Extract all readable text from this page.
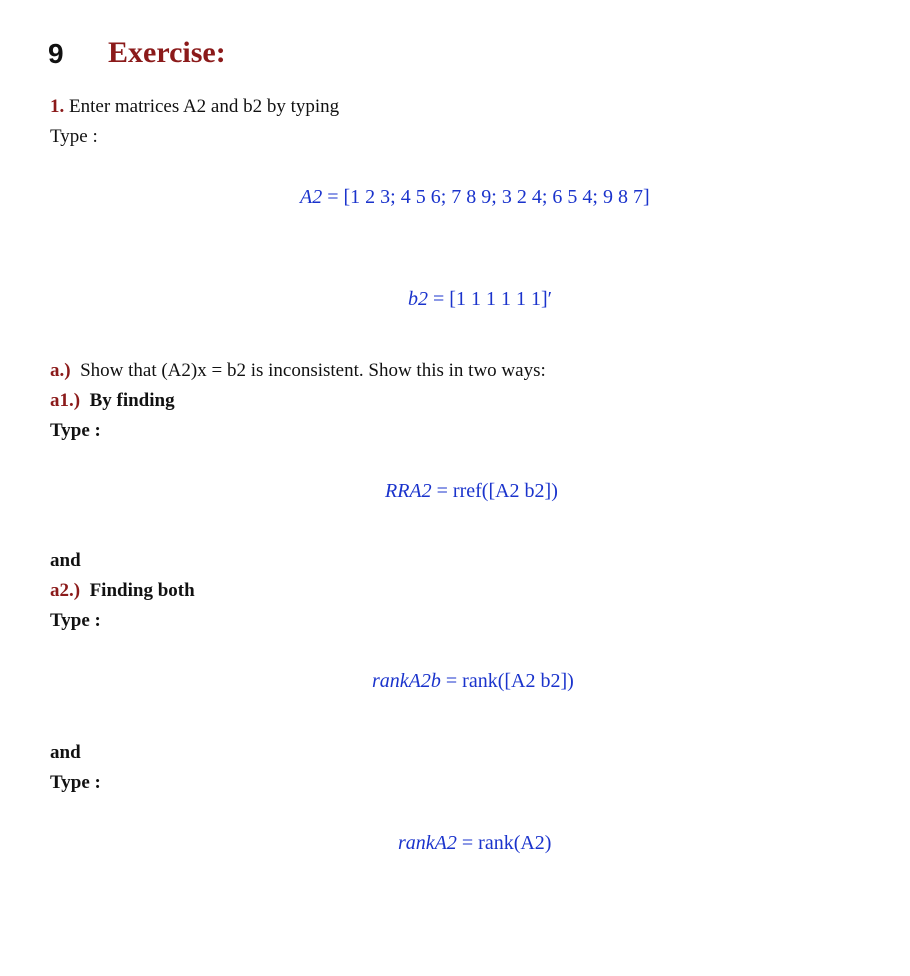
9 Exercise:
1. Enter matrices A2 and b2 by typing
Type :
A2 = [1 2 3; 4 5 6; 7 8 9; 3 2 4; 6 5 4; 9 8 7]
b2 = [1 1 1 1 1 1]′
a.) Show that (A2)x = b2 is inconsistent. Show this in two ways:
a1.) By finding
Type :
RRA2 = rref([A2 b2])
and
a2.) Finding both
Type :
rankA2b = rank([A2 b2])
and
Type :
rankA2 = rank(A2)
